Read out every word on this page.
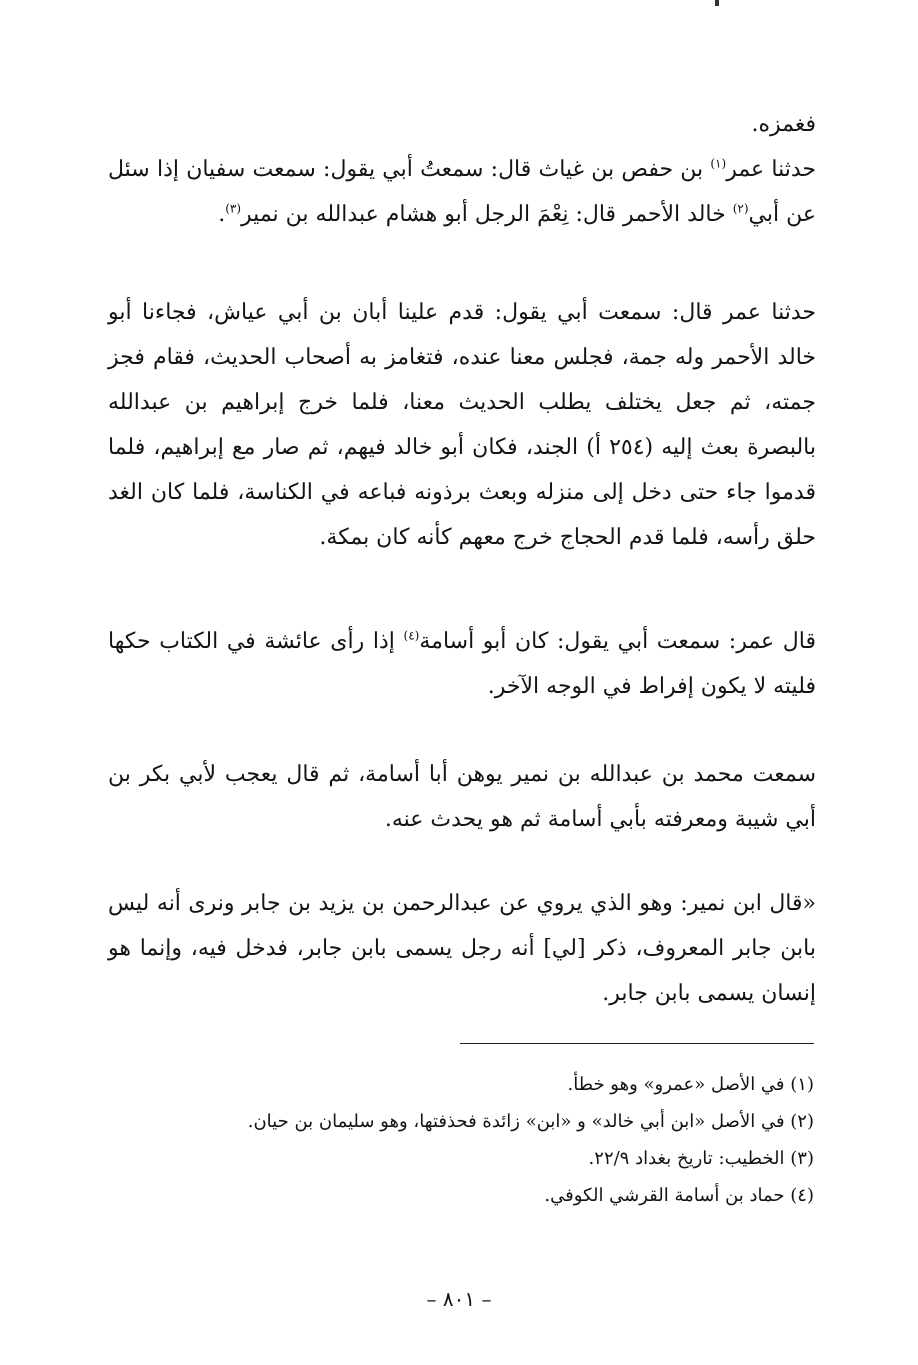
فغمزه.

حدثنا عمر$^{(١)}$ بن حفص بن غياث قال: سمعتُ أبي يقول: سمعت سفيان إذا سئل عن أبي$^{(٢)}$ خالد الأحمر قال: نِعْمَ الرجل أبو هشام عبدالله بن نمير$^{(٣)}$.

حدثنا عمر قال: سمعت أبي يقول: قدم علينا أبان بن أبي عياش، فجاءنا أبو خالد الأحمر وله جمة، فجلس معنا عنده، فتغامز به أصحاب الحديث، فقام فجز جمته، ثم جعل يختلف يطلب الحديث معنا، فلما خرج إبراهيم بن عبدالله بالبصرة بعث إليه (٢٥٤ أ) الجند، فكان أبو خالد فيهم، ثم صار مع إبراهيم، فلما قدموا جاء حتى دخل إلى منزله وبعث برذونه فباعه في الكناسة، فلما كان الغد حلق رأسه، فلما قدم الحجاج خرج معهم كأنه كان بمكة.

قال عمر: سمعت أبي يقول: كان أبو أسامة$^{(٤)}$ إذا رأى عائشة في الكتاب حكها فليته لا يكون إفراط في الوجه الآخر.

سمعت محمد بن عبدالله بن نمير يوهن أبا أسامة، ثم قال يعجب لأبي بكر بن أبي شيبة ومعرفته بأبي أسامة ثم هو يحدث عنه.

«قال ابن نمير: وهو الذي يروي عن عبدالرحمن بن يزيد بن جابر ونرى أنه ليس بابن جابر المعروف، ذكر [لي] أنه رجل يسمى بابن جابر، فدخل فيه، وإنما هو إنسان يسمى بابن جابر.

(١) في الأصل «عمرو» وهو خطأ.
(٢) في الأصل «ابن أبي خالد» و «ابن» زائدة فحذفتها، وهو سليمان بن حيان.
(٣) الخطيب: تاريخ بغداد ٢٢/٩.
(٤) حماد بن أسامة القرشي الكوفي.
– ٨٠١ –
